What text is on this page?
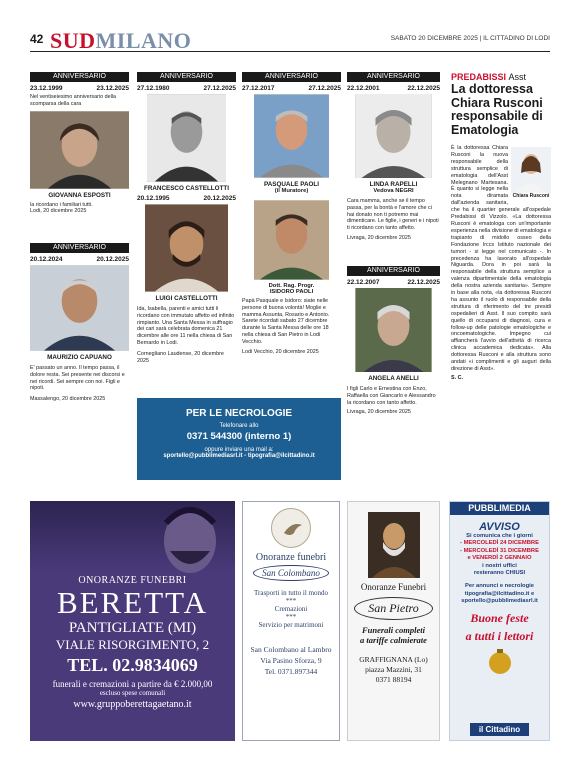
42 SUDMILANO	SABATO 20 DICEMBRE 2025 | IL CITTADINO DI LODI
ANNIVERSARIO
23.12.1999	23.12.2025
Nel ventiseiesimo anniversario della scomparsa della cara
GIOVANNA ESPOSTI
la ricordano i familiari tutti.
Lodi, 20 dicembre 2025
ANNIVERSARIO
20.12.2024	20.12.2025
MAURIZIO CAPUANO
E' passato un anno. Il tempo passa, il dolore resta. Sei presente nei discorsi e nei ricordi. Sei sempre con noi. Figli e nipoti.
Massalengo, 20 dicembre 2025
ANNIVERSARIO
27.12.1980	27.12.2025
FRANCESCO CASTELLOTTI
20.12.1995	20.12.2025
LUIGI CASTELLOTTI
Ida, Isabella, parenti e amici tutti li ricordano con immutato affetto ed infinito rimpianto. Una Santa Messa in suffragio dei cari sarà celebrata domenica 21 dicembre alle ore 11 nella chiesa di San Bernardo in Lodi.
Cornegliano Laudense, 20 dicembre 2025
ANNIVERSARIO
27.12.2017	27.12.2025
PASQUALE PAOLI
(il Muratore)
Dott. Rag. Progr.
ISIDORO PAOLI
Papà Pasquale e Isidoro: siate nelle persone di buona volontà! Moglie e mamma Assunta, Rosario e Antonio. Sarete ricordati sabato 27 dicembre durante la Santa Messa delle ore 18 nella chiesa di San Pietro in Lodi Vecchio.
Lodi Vecchio, 20 dicembre 2025
ANNIVERSARIO
22.12.2001	22.12.2025
LINDA RAPELLI
Vedova NEGRI
Cara mamma, anche se il tempo passa, per la bontà e l'amore che ci hai donato non ti potremo mai dimenticare. Le figlie, i generi e i nipoti ti ricordano con tanto affetto.
Livraga, 20 dicembre 2025
ANNIVERSARIO
22.12.2007	22.12.2025
ANGELA ANELLI
I figli Carlo e Ernestina con Enzo, Raffaella con Giancarlo e Alessandro la ricordano con tanto affetto.
Livraga, 20 dicembre 2025
PER LE NECROLOGIE
Telefonare allo
0371 544300 (interno 1)
oppure inviare una mail a:
sportello@pubblimediasrl.it - tipografia@ilcittadino.it
PREDABISSI Asst
La dottoressa Chiara Rusconi responsabile di Ematologia
Chiara Rusconi
È la dottoressa Chiara Rusconi la nuova responsabile della struttura semplice di ematologia dell'Asst Melegnano Martesana. È quanto si legge nella nota diramata dall'azienda sanitaria, che ha il quartier generale all'ospedale Predabissi di Vizzolo. «La dottoressa Rusconi è ematologa con un'importante esperienza nella divisione di ematologia e trapianto di midollo osseo della Fondazione Irccs Istituto nazionale dei tumori - si legge nel comunicato -. In precedenza ha lavorato all'ospedale Niguarda. Dora in poi sarà la responsabile della struttura semplice a valenza dipartimentale della ematologia della nostra azienda sanitaria». Sempre in base alla nota, «la dottoressa Rusconi ha assunto il ruolo di responsabile della struttura di riferimento del tre presidi ospedalieri di Asst. Il suo compito sarà quello di occuparsi di diagnosi, cura e follow-up delle patologie ematologiche e oncoematologiche. Impegno cui affiancherà l'avvio dell'attività di ricerca clinica accademica dedicata». Alla dottoressa Rusconi e alla struttura sono andati «i complimenti e gli auguri della direzione di Asst».
S. C.
ONORANZE FUNEBRI
BERETTA
PANTIGLIATE (MI)
VIALE RISORGIMENTO, 2
TEL. 02.9834069
funerali e cremazioni a partire da € 2.000,00
escluso spese comunali
www.gruppoberettagaetano.it
Onoranze funebri
San Colombano
Trasporti in tutto il mondo
***
Cremazioni
***
Servizio per matrimoni
San Colombano al Lambro
Via Pasino Sforza, 9
Tel. 0371.897344
Onoranze Funebri
San Pietro
Funerali completi
a tariffe calmierate
GRAFFIGNANA (Lo)
piazza Mazzini, 31
0371 88194
PUBBLIMEDIA
AVVISO
Si comunica che i giorni
- MERCOLEDÌ 24 DICEMBRE
- MERCOLEDÌ 31 DICEMBRE
e VENERDÌ 2 GENNAIO
i nostri uffici
resteranno CHIUSI
Per annunci e necrologie
tipografia@ilcittadino.it e
sportello@pubblimediasrl.it
Buone feste
a tutti i lettori
il Cittadino
